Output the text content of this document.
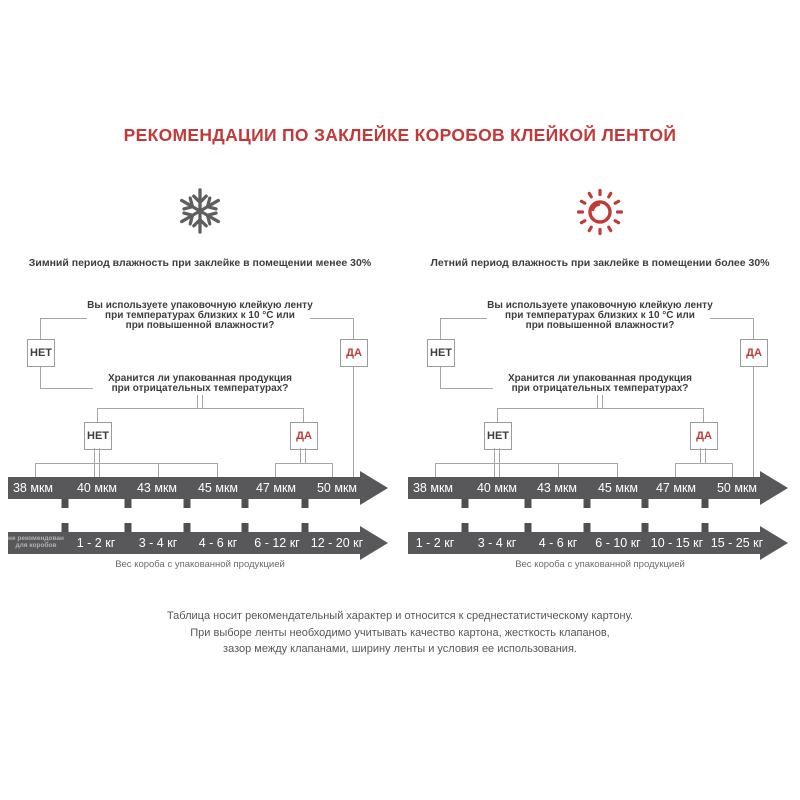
РЕКОМЕНДАЦИИ ПО ЗАКЛЕЙКЕ КОРОБОВ КЛЕЙКОЙ ЛЕНТОЙ
Зимний период влажность при заклейке в помещении менее 30%
Вы используете упаковочную клейкую ленту
при температурах близких к 10 °С или
при повышенной влажности?
НЕТ	ДА
Хранится ли упакованная продукция
при отрицательных температурах?
НЕТ	ДА
38 мкм 40 мкм 43 мкм 45 мкм 47 мкм 50 мкм
не рекомендован
для коробов	1 - 2 кг 3 - 4 кг 4 - 6 кг 6 - 12 кг 12 - 20 кг
Вес короба с упакованной продукцией
Летний период влажность при заклейке в помещении более 30%
Вы используете упаковочную клейкую ленту
при температурах близких к 10 °С или
при повышенной влажности?
НЕТ	ДА
Хранится ли упакованная продукция
при отрицательных температурах?
НЕТ	ДА
38 мкм 40 мкм 43 мкм 45 мкм 47 мкм 50 мкм
1 - 2 кг 3 - 4 кг 4 - 6 кг 6 - 10 кг 10 - 15 кг 15 - 25 кг
Вес короба с упакованной продукцией
Таблица носит рекомендательный характер и относится к среднестатистическому картону.
При выборе ленты необходимо учитывать качество картона, жесткость клапанов,
зазор между клапанами, ширину ленты и условия ее использования.
